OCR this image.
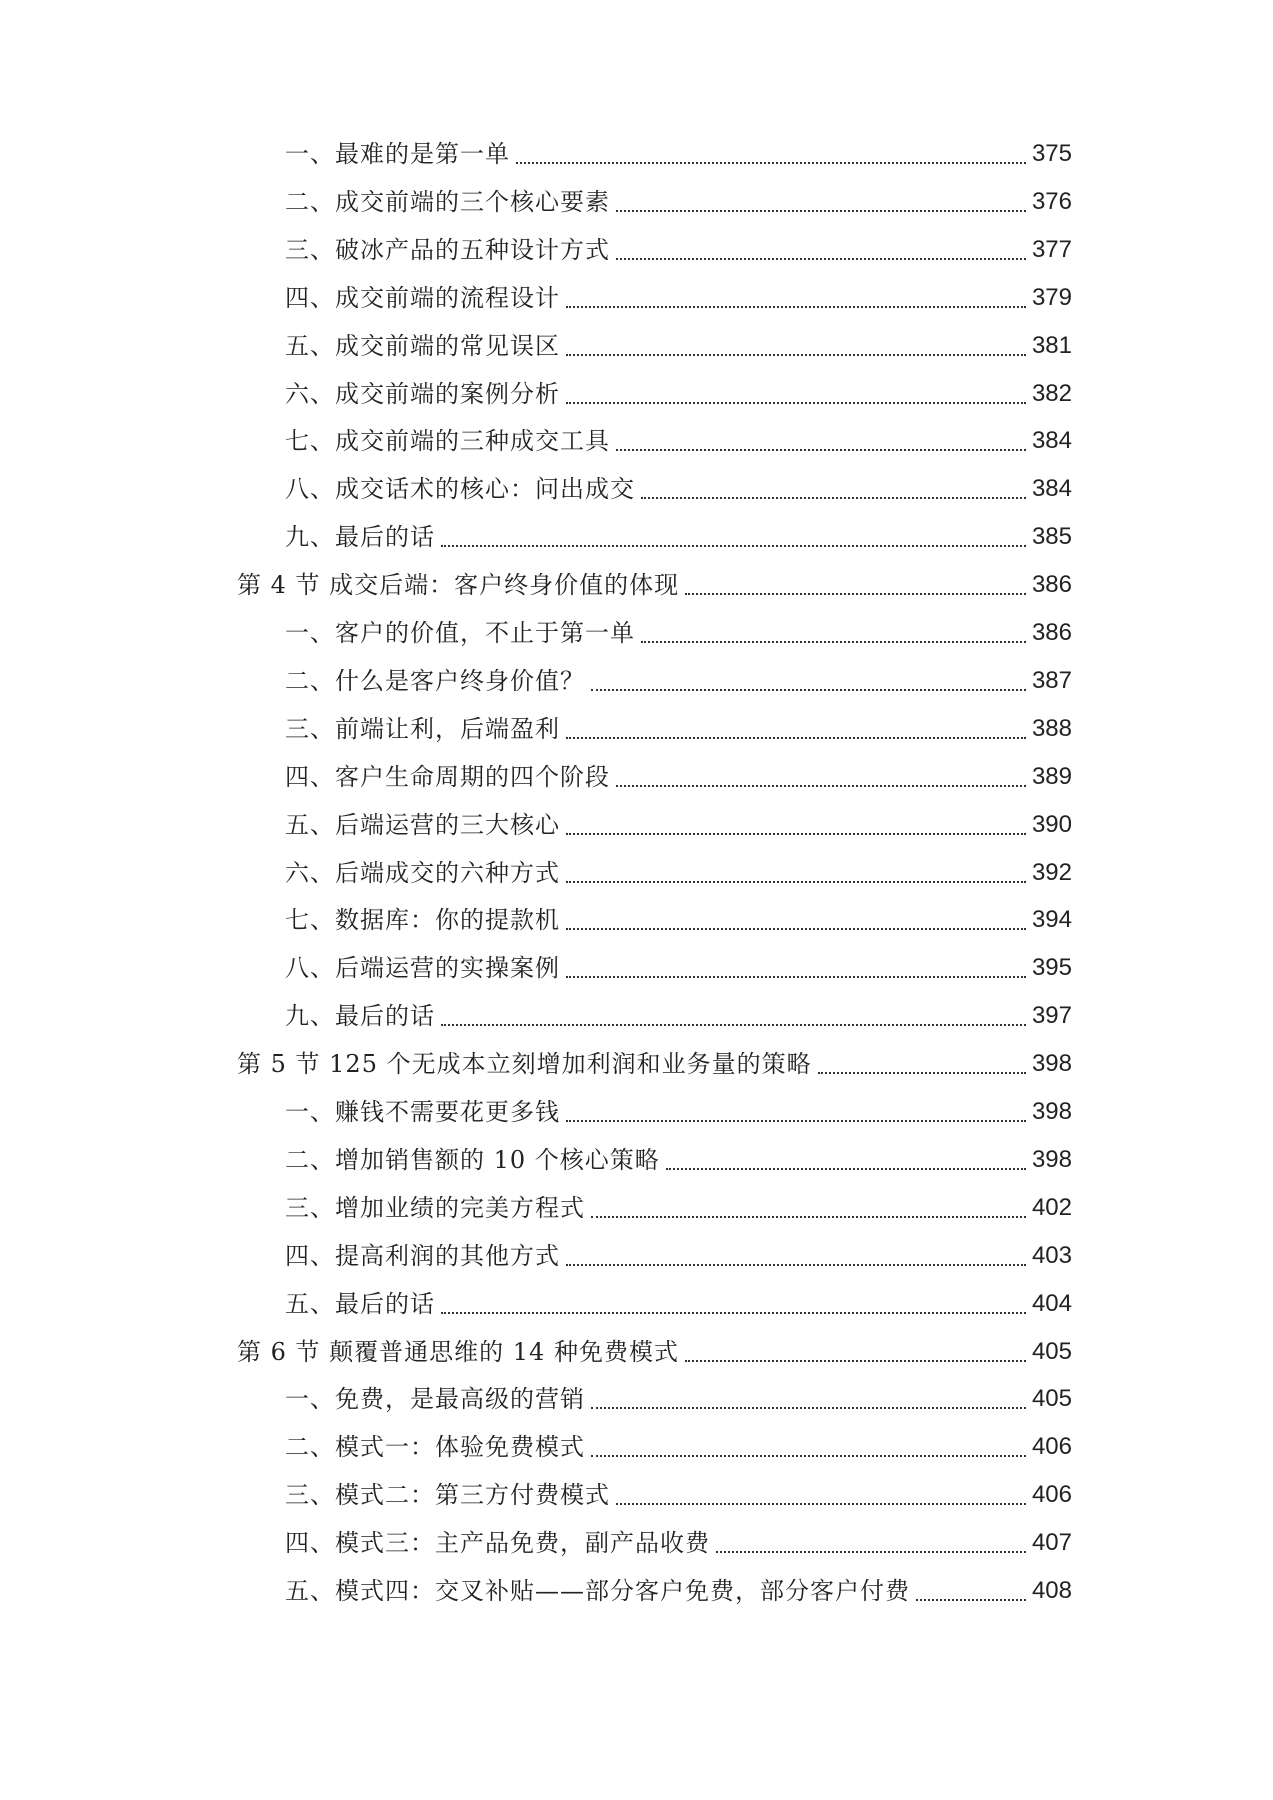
一、最难的是第一单	375
二、成交前端的三个核心要素	376
三、破冰产品的五种设计方式	377
四、成交前端的流程设计	379
五、成交前端的常见误区	381
六、成交前端的案例分析	382
七、成交前端的三种成交工具	384
八、成交话术的核心：问出成交	384
九、最后的话	385
第 4 节 成交后端：客户终身价值的体现	386
一、客户的价值，不止于第一单	386
二、什么是客户终身价值？	387
三、前端让利，后端盈利	388
四、客户生命周期的四个阶段	389
五、后端运营的三大核心	390
六、后端成交的六种方式	392
七、数据库：你的提款机	394
八、后端运营的实操案例	395
九、最后的话	397
第 5 节 125 个无成本立刻增加利润和业务量的策略	398
一、赚钱不需要花更多钱	398
二、增加销售额的 10 个核心策略	398
三、增加业绩的完美方程式	402
四、提高利润的其他方式	403
五、最后的话	404
第 6 节 颠覆普通思维的 14 种免费模式	405
一、免费，是最高级的营销	405
二、模式一：体验免费模式	406
三、模式二：第三方付费模式	406
四、模式三：主产品免费，副产品收费	407
五、模式四：交叉补贴——部分客户免费，部分客户付费	408
